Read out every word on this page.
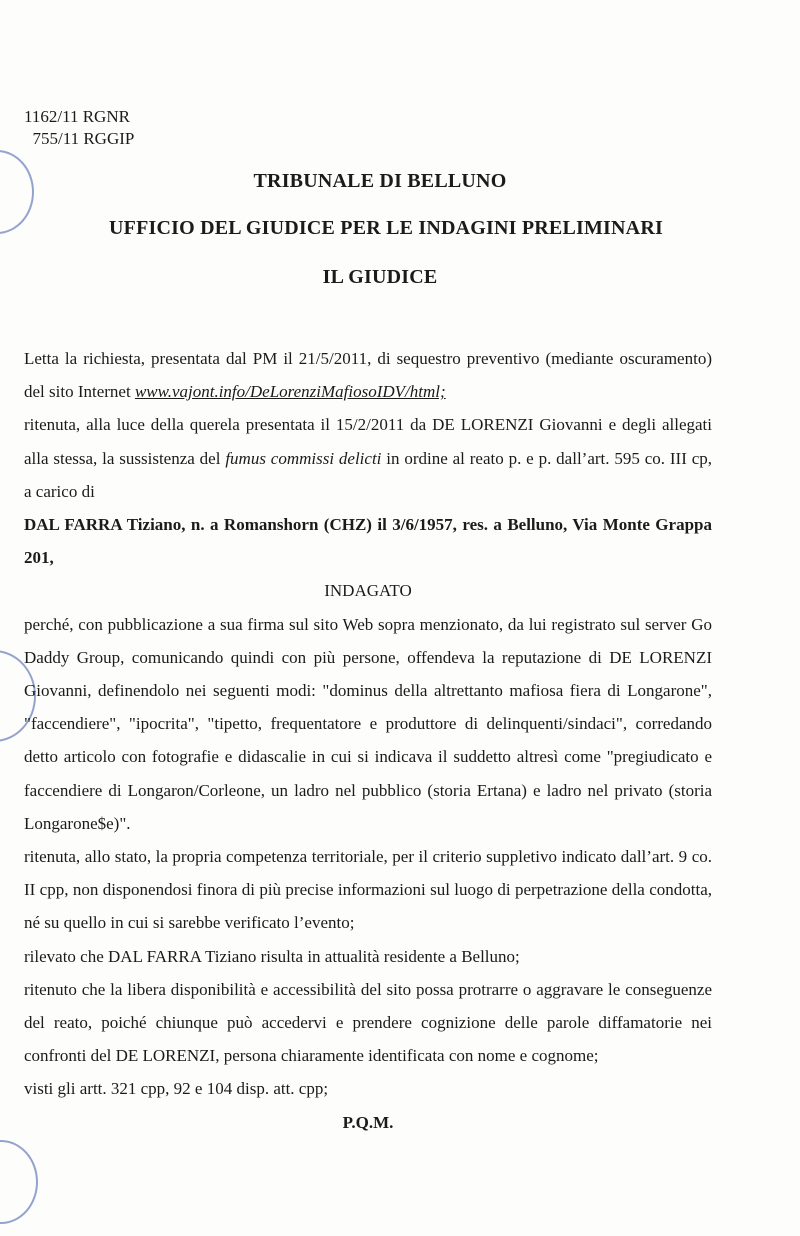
1162/11 RGNR
755/11 RGGIP
TRIBUNALE DI BELLUNO
UFFICIO DEL GIUDICE PER LE INDAGINI PRELIMINARI
IL GIUDICE

Letta la richiesta, presentata dal PM il 21/5/2011, di sequestro preventivo (mediante oscuramento) del sito Internet www.vajont.info/DeLorenziMafiosoIDV/html;

ritenuta, alla luce della querela presentata il 15/2/2011 da DE LORENZI Giovanni e degli allegati alla stessa, la sussistenza del fumus commissi delicti in ordine al reato p. e p. dall’art. 595 co. III cp, a carico di

DAL FARRA Tiziano, n. a Romanshorn (CHZ) il 3/6/1957, res. a Belluno, Via Monte Grappa 201,

INDAGATO

perché, con pubblicazione a sua firma sul sito Web sopra menzionato, da lui registrato sul server Go Daddy Group, comunicando quindi con più persone, offendeva la reputazione di DE LORENZI Giovanni, definendolo nei seguenti modi: "dominus della altrettanto mafiosa fiera di Longarone", "faccendiere", "ipocrita", "tipetto, frequentatore e produttore di delinquenti/sindaci", corredando detto articolo con fotografie e didascalie in cui si indicava il suddetto altresì come "pregiudicato e faccendiere di Longaron/Corleone, un ladro nel pubblico (storia Ertana) e ladro nel privato (storia Longarone$e)".

ritenuta, allo stato, la propria competenza territoriale, per il criterio suppletivo indicato dall’art. 9 co. II cpp, non disponendosi finora di più precise informazioni sul luogo di perpetrazione della condotta, né su quello in cui si sarebbe verificato l’evento;

rilevato che DAL FARRA Tiziano risulta in attualità residente a Belluno;

ritenuto che la libera disponibilità e accessibilità del sito possa protrarre o aggravare le conseguenze del reato, poiché chiunque può accedervi e prendere cognizione delle parole diffamatorie nei confronti del DE LORENZI, persona chiaramente identificata con nome e cognome;

visti gli artt. 321 cpp, 92 e 104 disp. att. cpp;

P.Q.M.
